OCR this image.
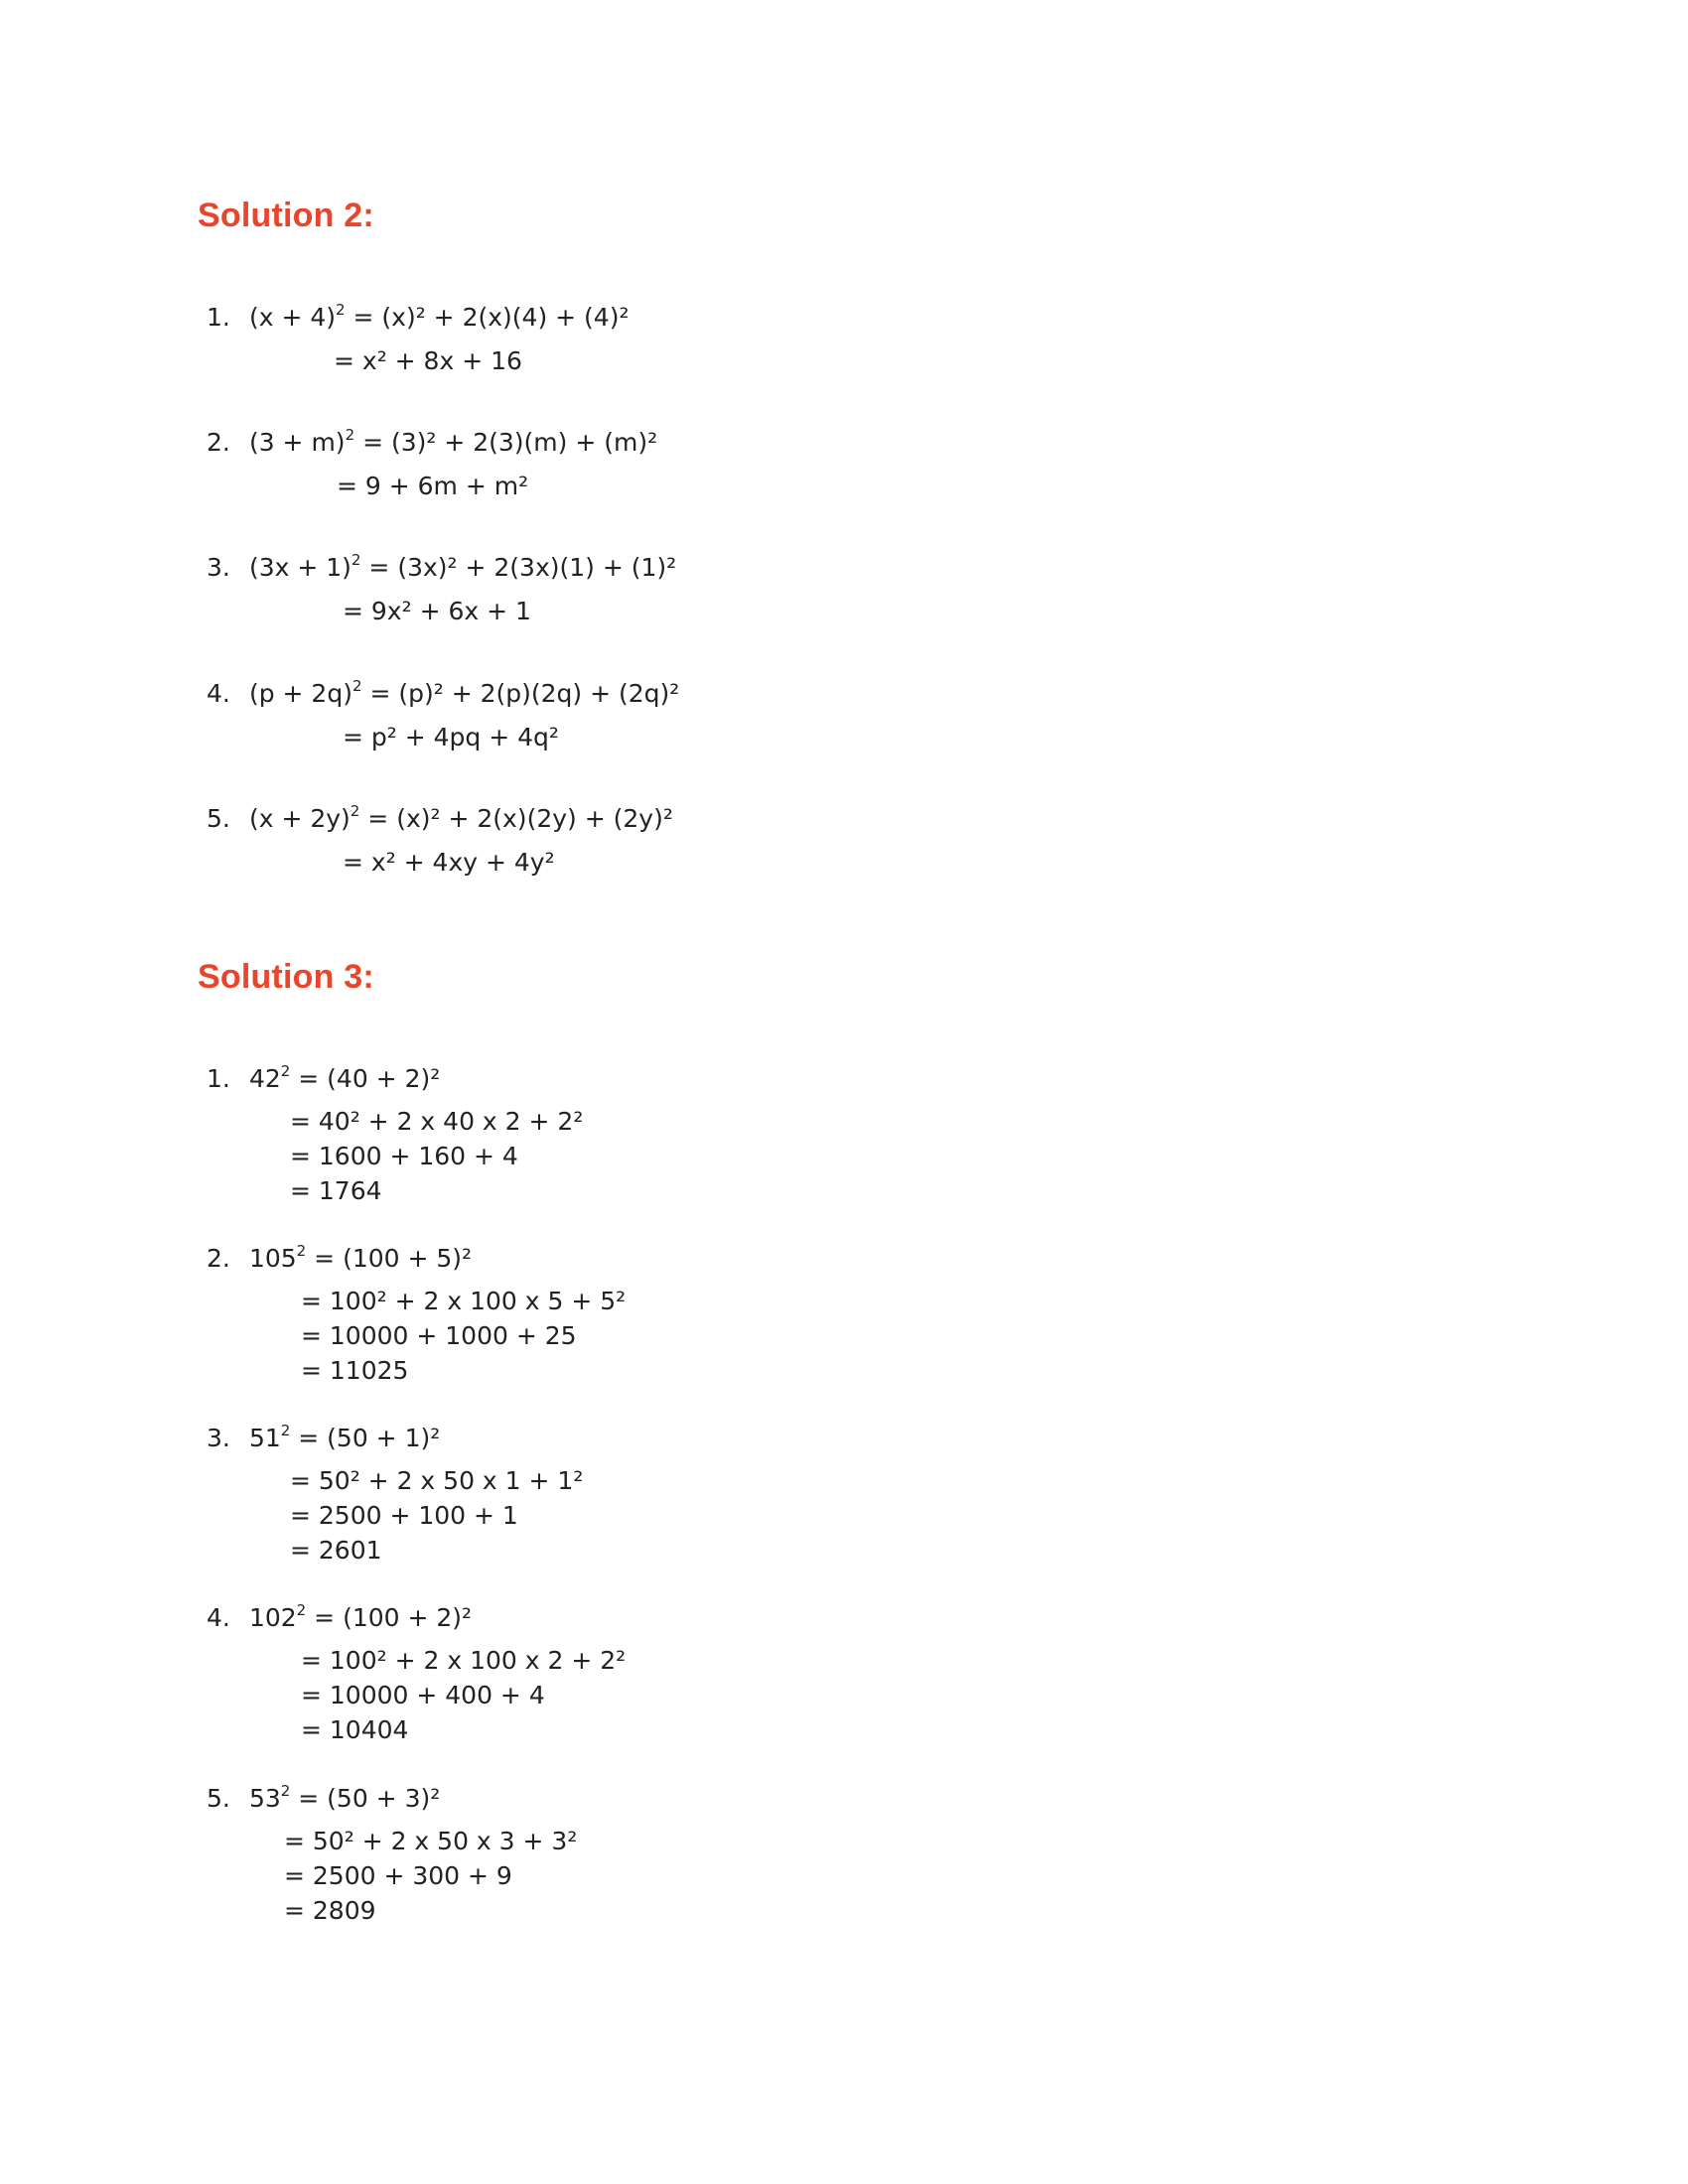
Solution 2:
1. $(x + 4)^2 = (x)^2 + 2(x)(4) + (4)^2$
= x² + 8x + 16
2. $(3 + m)^2 = (3)^2 + 2(3)(m) + (m)^2$
= 9 + 6m + m²
3. $(3x + 1)^2 = (3x)^2 + 2(3x)(1) + (1)^2$
= 9x² + 6x + 1
4. $(p + 2q)^2 = (p)^2 + 2(p)(2q) + (2q)^2$
= p² + 4pq + 4q²
5. $(x + 2y)^2 = (x)^2 + 2(x)(2y) + (2y)^2$
= x² + 4xy + 4y²
Solution 3:
1. $42^2 = (40 + 2)^2$
= 40² + 2 x 40 x 2 + 2²
= 1600 + 160 + 4
= 1764
2. $105^2 = (100 + 5)^2$
= 100² + 2 x 100 x 5 + 5²
= 10000 + 1000 + 25
= 11025
3. $51^2 = (50 + 1)^2$
= 50² + 2 x 50 x 1 + 1²
= 2500 + 100 + 1
= 2601
4. $102^2 = (100 + 2)^2$
= 100² + 2 x 100 x 2 + 2²
= 10000 + 400 + 4
= 10404
5. $53^2 = (50 + 3)^2$
= 50² + 2 x 50 x 3 + 3²
= 2500 + 300 + 9
= 2809
